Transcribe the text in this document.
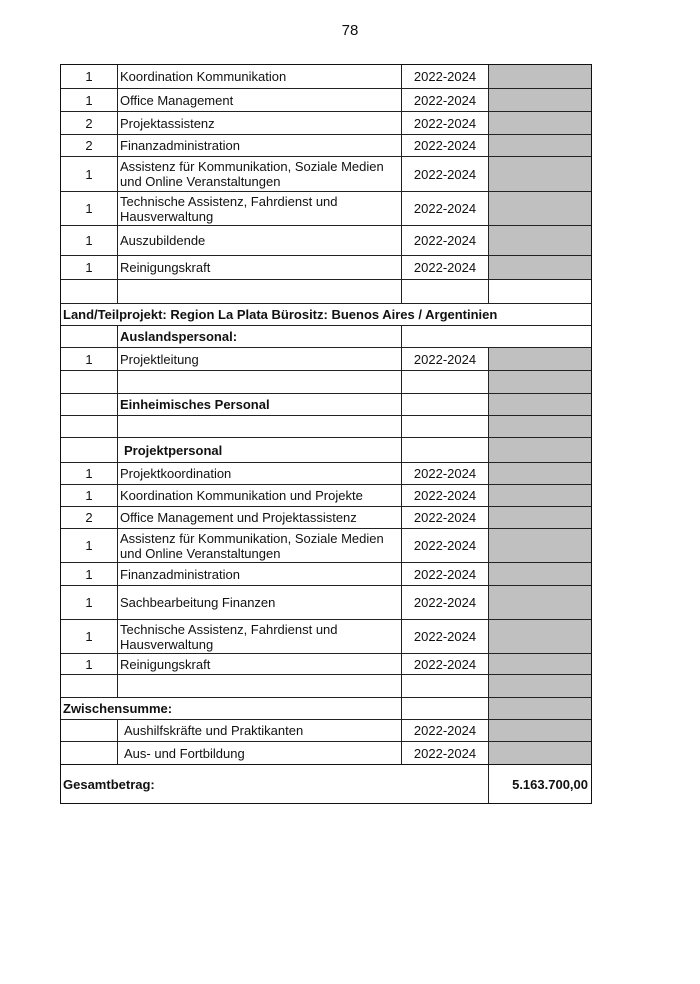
78
1	Koordination Kommunikation	2022-2024
1	Office Management	2022-2024
2	Projektassistenz	2022-2024
2	Finanzadministration	2022-2024
1	Assistenz für Kommunikation, Soziale Medien und Online Veranstaltungen	2022-2024
1	Technische Assistenz, Fahrdienst und Hausverwaltung	2022-2024
1	Auszubildende	2022-2024
1	Reinigungskraft	2022-2024
Land/Teilprojekt: Region La Plata Bürositz: Buenos Aires / Argentinien
Auslandspersonal:
1	Projektleitung	2022-2024
Einheimisches Personal
Projektpersonal
1	Projektkoordination	2022-2024
1	Koordination Kommunikation und Projekte	2022-2024
2	Office Management und Projektassistenz	2022-2024
1	Assistenz für Kommunikation, Soziale Medien und Online Veranstaltungen	2022-2024
1	Finanzadministration	2022-2024
1	Sachbearbeitung Finanzen	2022-2024
1	Technische Assistenz, Fahrdienst und Hausverwaltung	2022-2024
1	Reinigungskraft	2022-2024
Zwischensumme:
Aushilfskräfte und Praktikanten	2022-2024
Aus- und Fortbildung	2022-2024
Gesamtbetrag:	5.163.700,00
